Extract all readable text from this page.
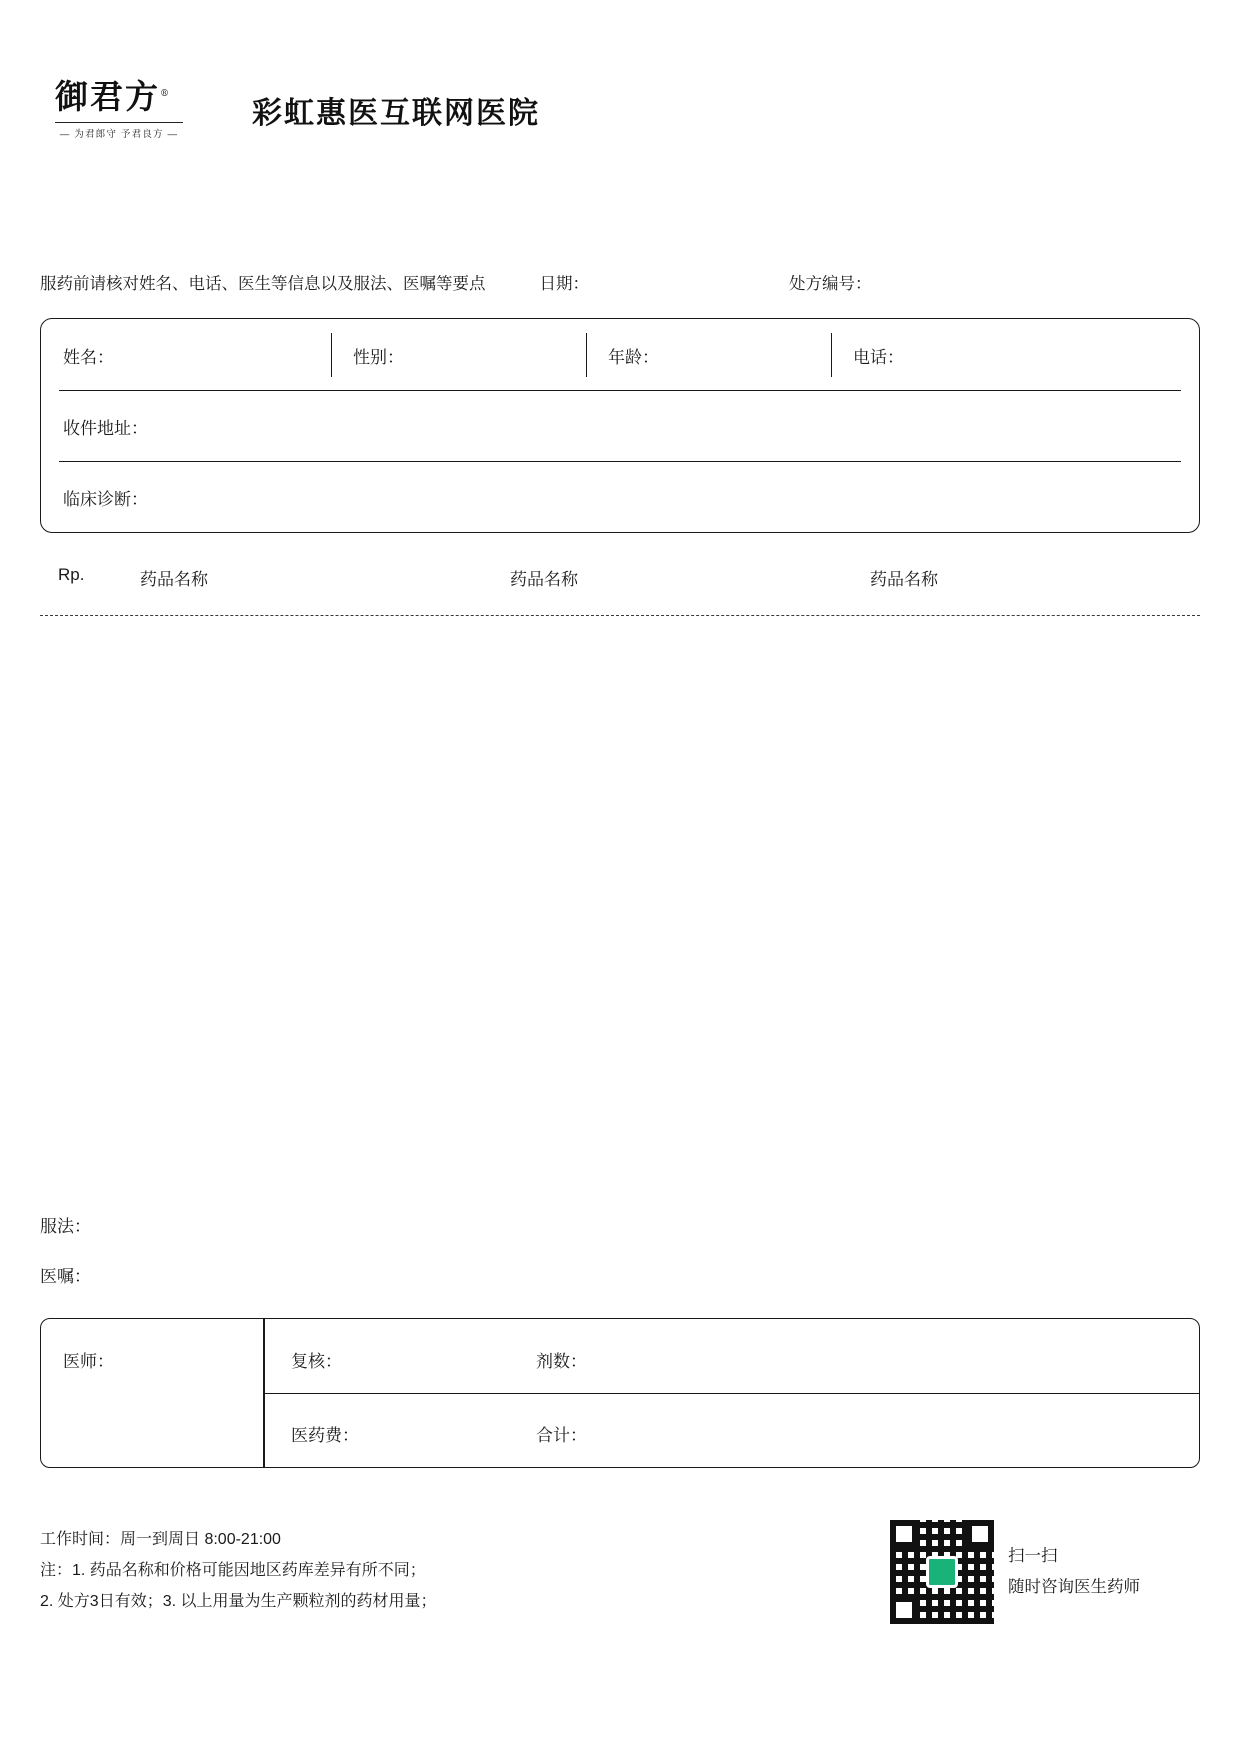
御君方®
— 为君郎守 予君良方 —
彩虹惠医互联网医院
服药前请核对姓名、电话、医生等信息以及服法、医嘱等要点	日期：	处方编号：
姓名：	性别：	年龄：	电话：
收件地址：
临床诊断：
Rp.	药品名称	药品名称	药品名称
服法：
医嘱：
医师：	复核：	剂数：
医药费：	合计：
工作时间：周一到周日 8:00-21:00
注：1. 药品名称和价格可能因地区药库差异有所不同；
2. 处方3日有效；3. 以上用量为生产颗粒剂的药材用量；
扫一扫
随时咨询医生药师
